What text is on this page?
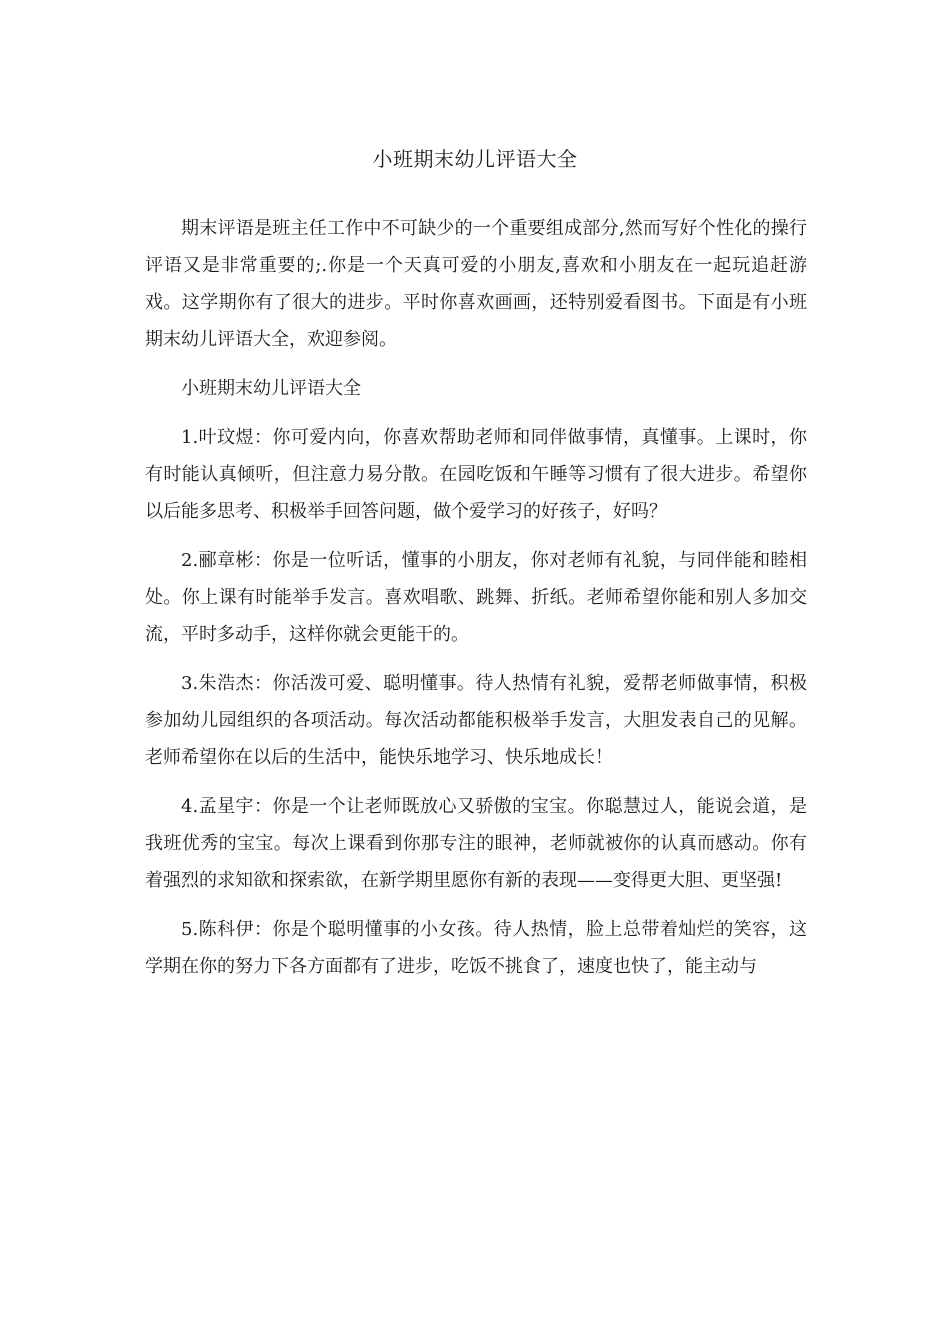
小班期末幼儿评语大全

期末评语是班主任工作中不可缺少的一个重要组成部分,然而写好个性化的操行评语又是非常重要的;.你是一个天真可爱的小朋友,喜欢和小朋友在一起玩追赶游戏。这学期你有了很大的进步。平时你喜欢画画，还特别爱看图书。下面是有小班期末幼儿评语大全，欢迎参阅。

小班期末幼儿评语大全

1.叶玟煜：你可爱内向，你喜欢帮助老师和同伴做事情，真懂事。上课时，你有时能认真倾听，但注意力易分散。在园吃饭和午睡等习惯有了很大进步。希望你以后能多思考、积极举手回答问题，做个爱学习的好孩子，好吗？

2.郦章彬：你是一位听话，懂事的小朋友，你对老师有礼貌，与同伴能和睦相处。你上课有时能举手发言。喜欢唱歌、跳舞、折纸。老师希望你能和别人多加交流，平时多动手，这样你就会更能干的。

3.朱浩杰：你活泼可爱、聪明懂事。待人热情有礼貌，爱帮老师做事情，积极参加幼儿园组织的各项活动。每次活动都能积极举手发言，大胆发表自己的见解。老师希望你在以后的生活中，能快乐地学习、快乐地成长！

4.孟星宇：你是一个让老师既放心又骄傲的宝宝。你聪慧过人，能说会道，是我班优秀的宝宝。每次上课看到你那专注的眼神，老师就被你的认真而感动。你有着强烈的求知欲和探索欲，在新学期里愿你有新的表现——变得更大胆、更坚强!

5.陈科伊：你是个聪明懂事的小女孩。待人热情，脸上总带着灿烂的笑容，这学期在你的努力下各方面都有了进步，吃饭不挑食了，速度也快了，能主动与
